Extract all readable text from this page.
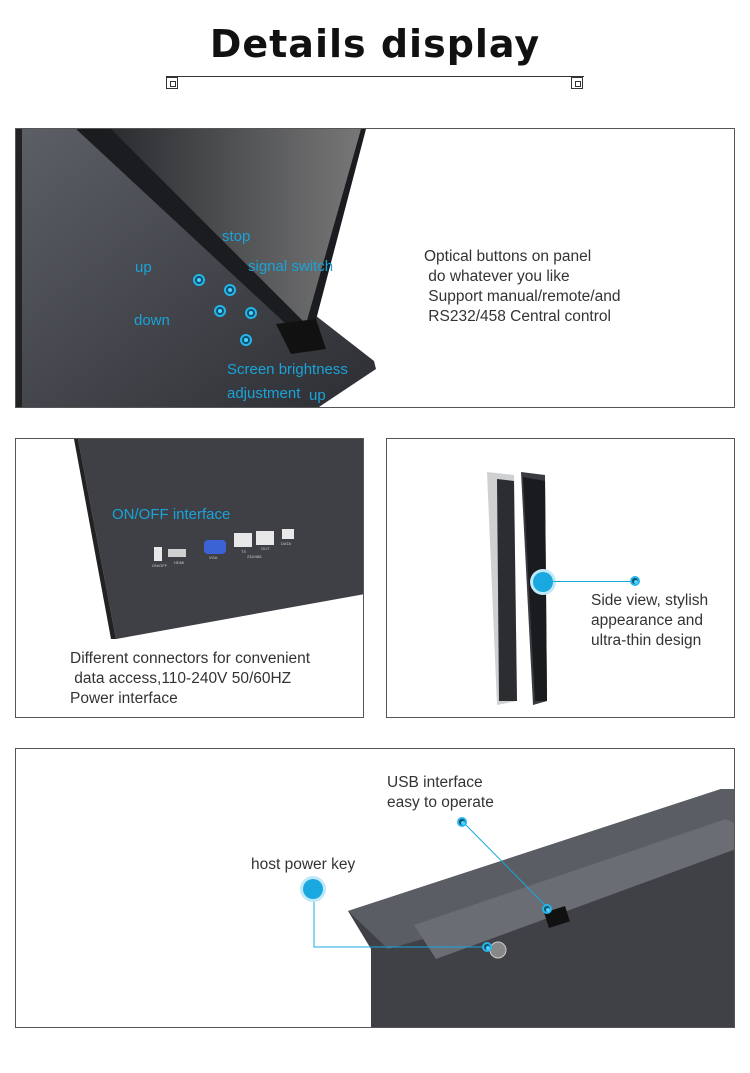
Details display
stop
up	signal switch
down
Screen brightness
adjustment up
Optical buttons on panel
do whatever you like
Support manual/remote/and
RS232/458 Central control
ON/OFF
HDMI
VGA
TX
232/485
OUT
DATA
ON/OFF interface
Different connectors for convenient
data access,110-240V 50/60HZ
Power interface
Side view, stylish
appearance and
ultra-thin design
USB interface
easy to operate
host power key
